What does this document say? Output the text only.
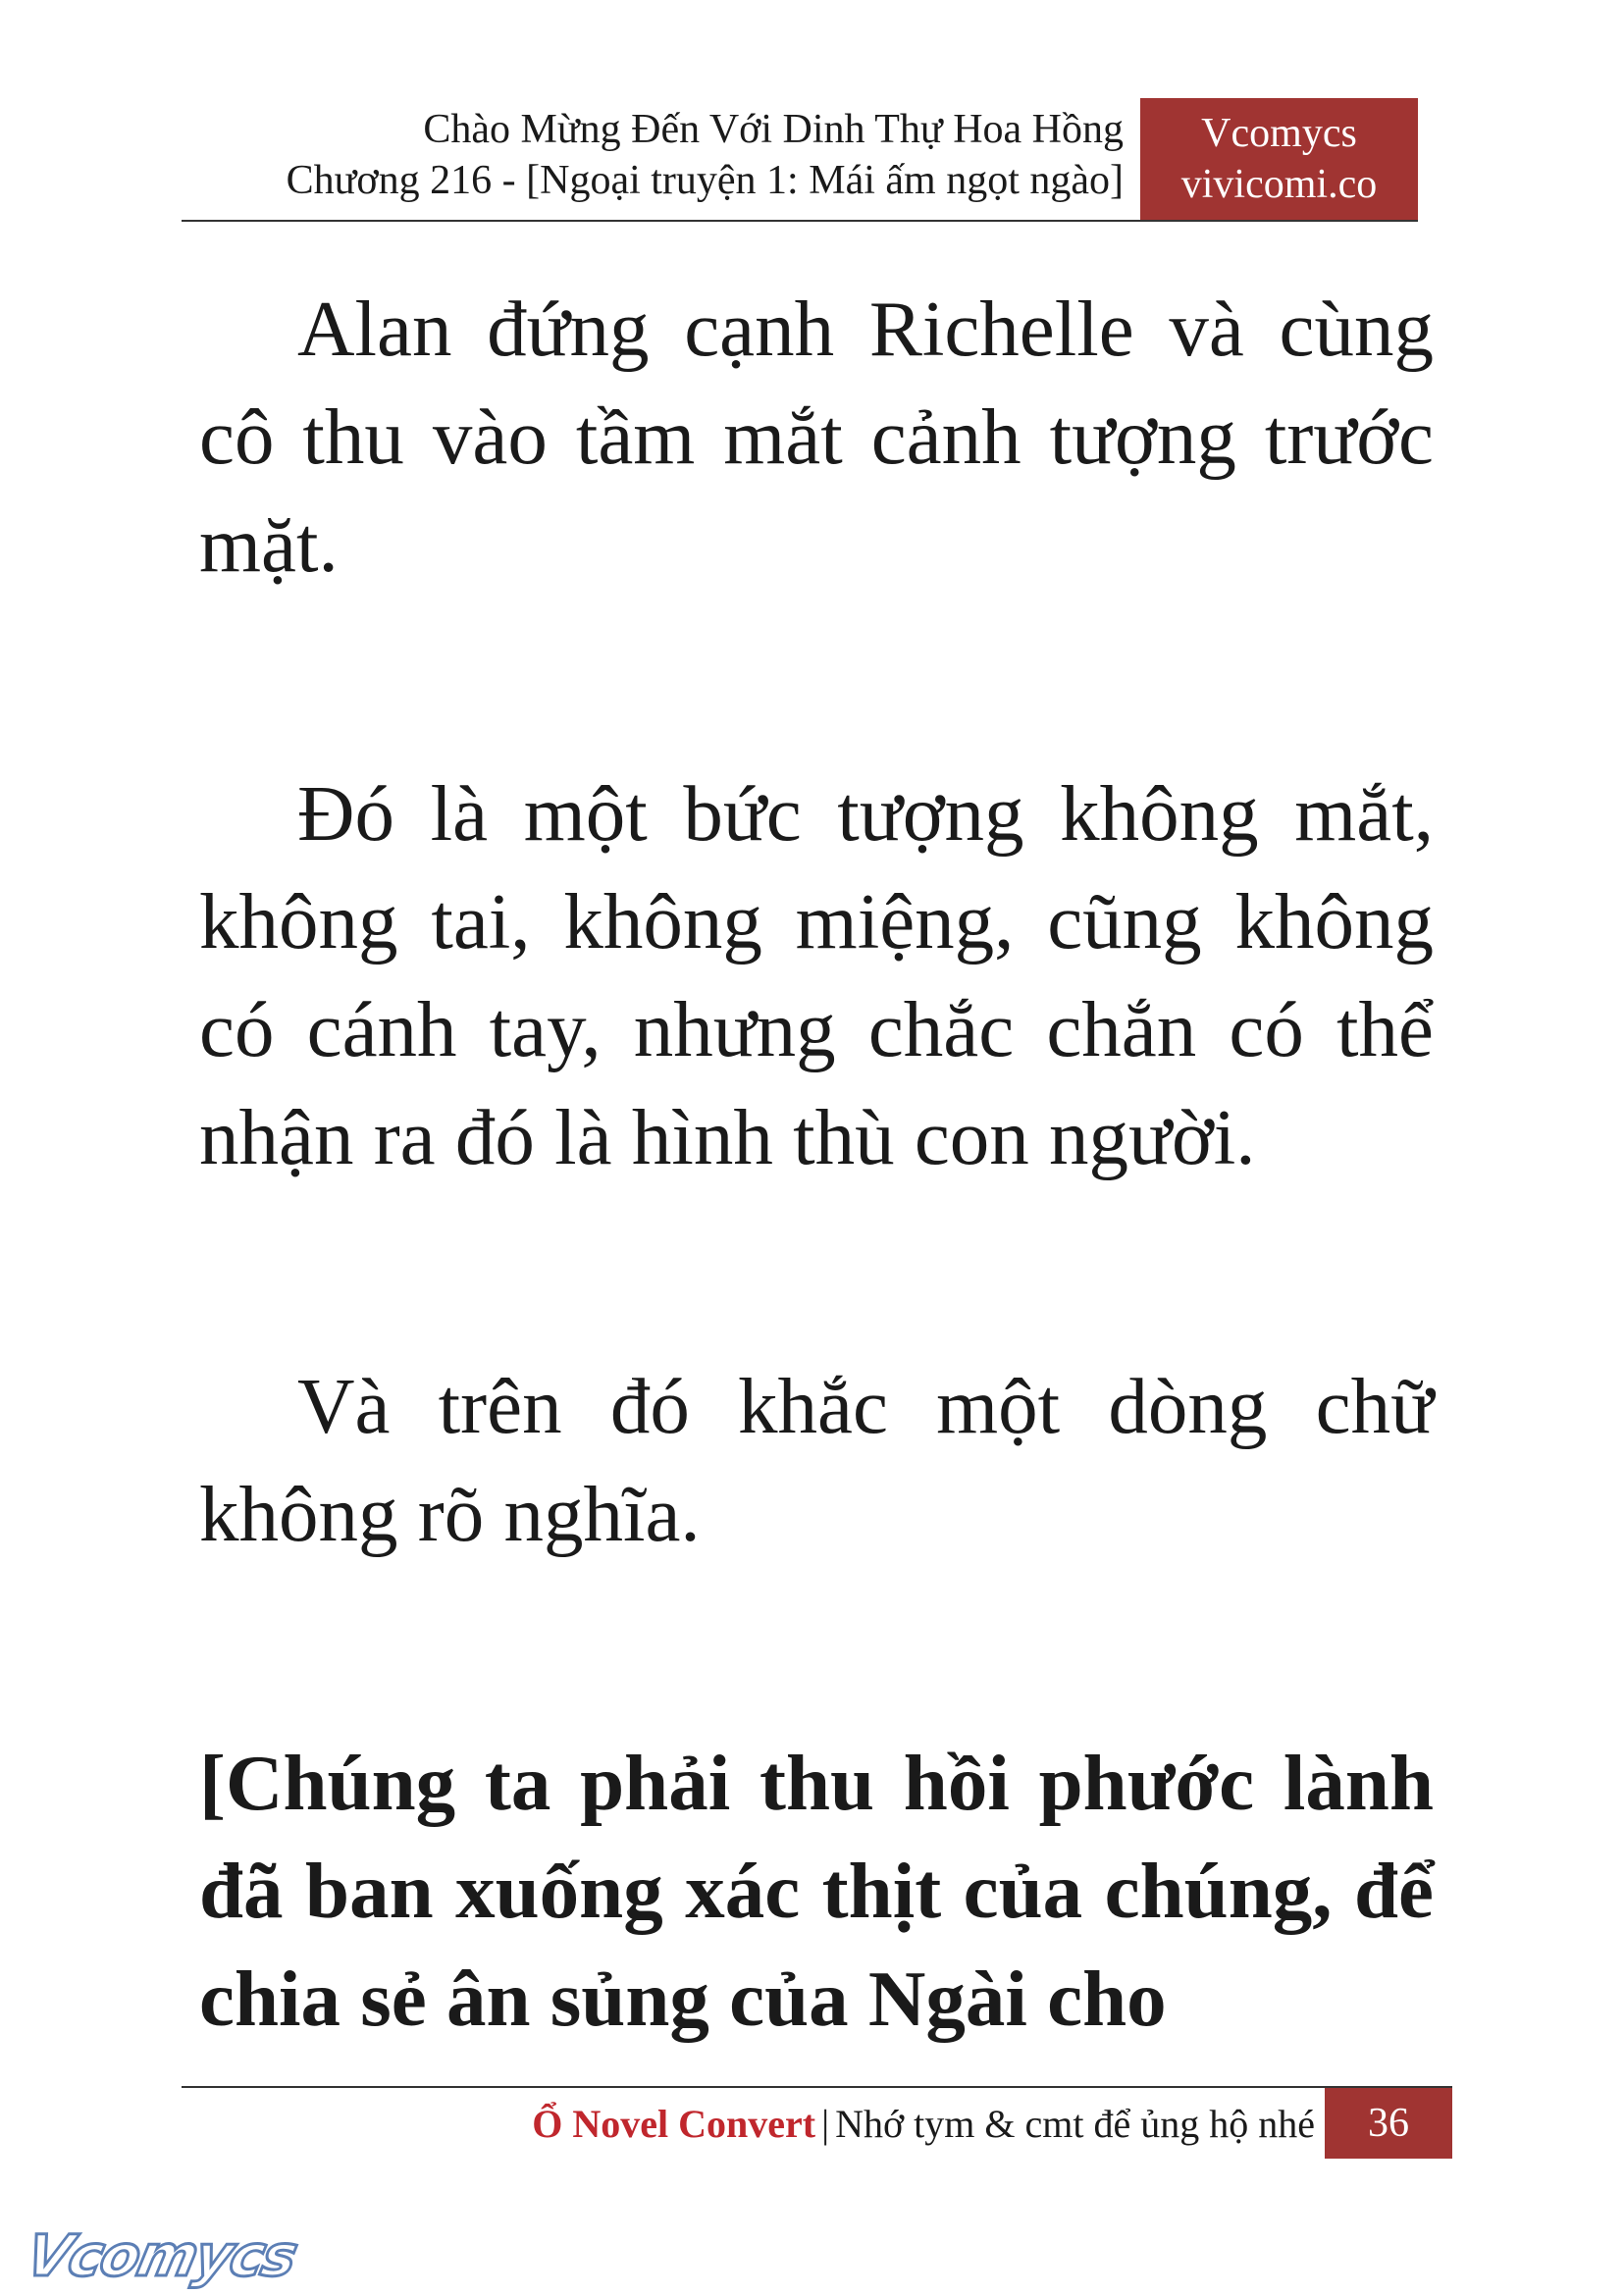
Chào Mừng Đến Với Dinh Thự Hoa Hồng
Chương 216 - [Ngoại truyện 1: Mái ấm ngọt ngào]
Vcomycs
vivicomi.co

Alan đứng cạnh Richelle và cùng cô thu vào tầm mắt cảnh tượng trước mặt.

Đó là một bức tượng không mắt, không tai, không miệng, cũng không có cánh tay, nhưng chắc chắn có thể nhận ra đó là hình thù con người.

Và trên đó khắc một dòng chữ không rõ nghĩa.

[Chúng ta phải thu hồi phước lành đã ban xuống xác thịt của chúng, để chia sẻ ân sủng của Ngài cho

Ổ Novel Convert | Nhớ tym & cmt để ủng hộ nhé	36
Vcomycs
